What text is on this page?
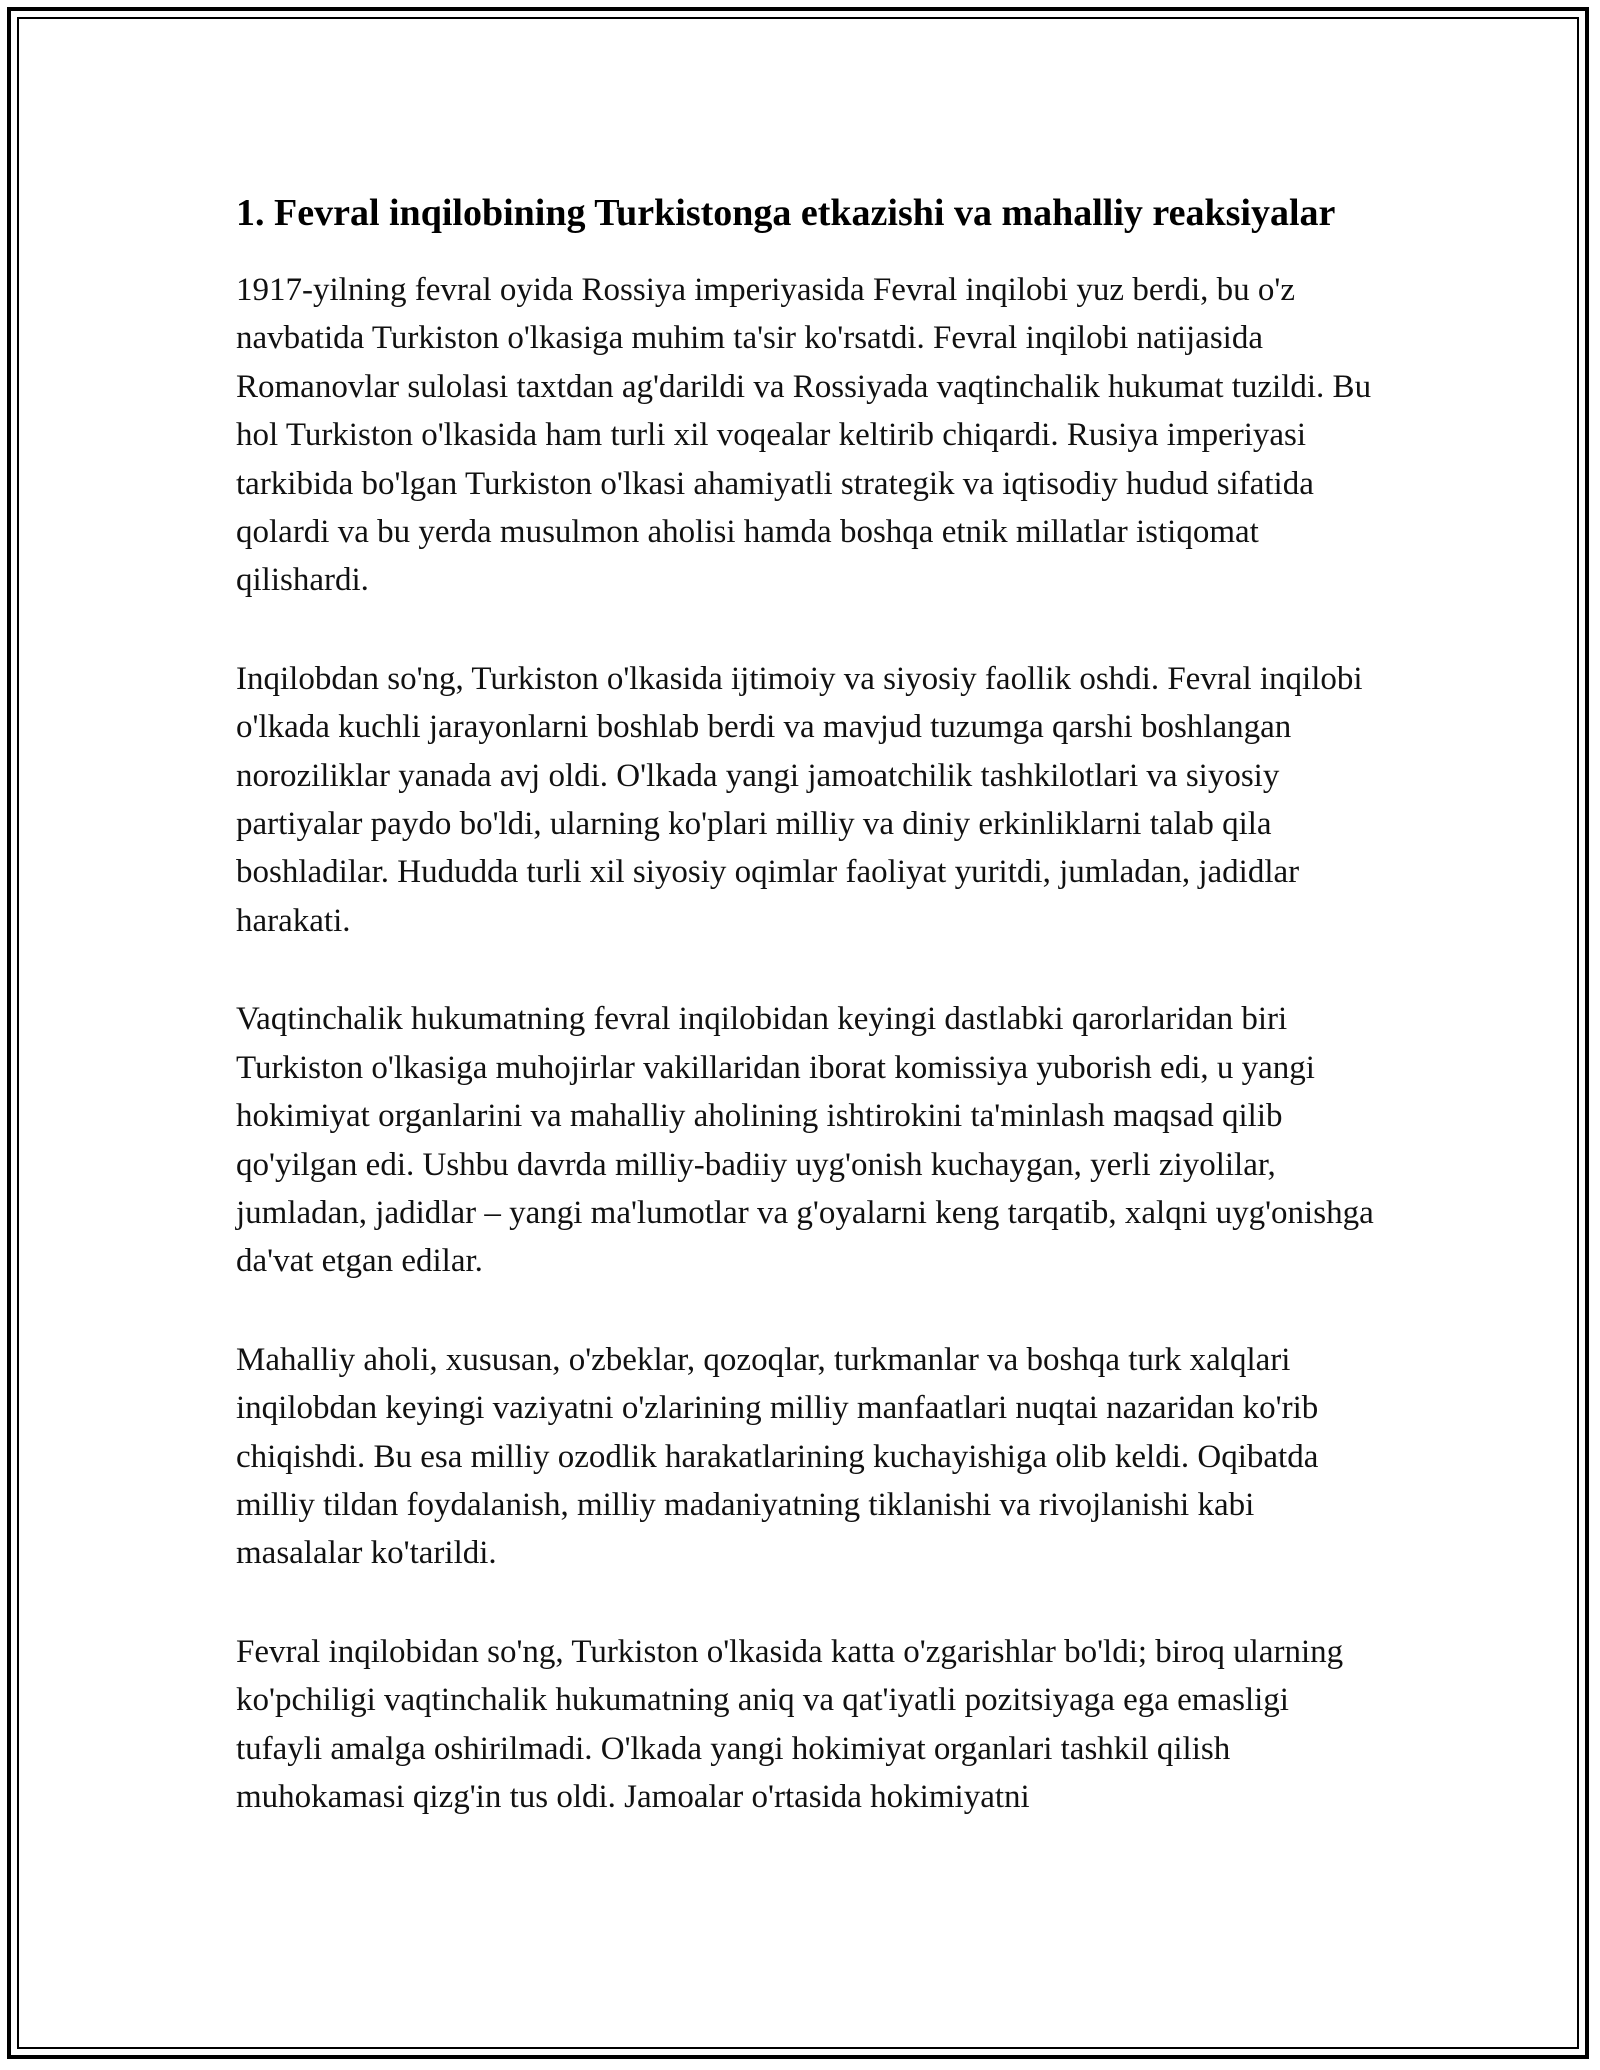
1. Fevral inqilobining Turkistonga etkazishi va mahalliy reaksiyalar

1917-yilning fevral oyida Rossiya imperiyasida Fevral inqilobi yuz berdi, bu o'z navbatida Turkiston o'lkasiga muhim ta'sir ko'rsatdi. Fevral inqilobi natijasida Romanovlar sulolasi taxtdan ag'darildi va Rossiyada vaqtinchalik hukumat tuzildi. Bu hol Turkiston o'lkasida ham turli xil voqealar keltirib chiqardi. Rusiya imperiyasi tarkibida bo'lgan Turkiston o'lkasi ahamiyatli strategik va iqtisodiy hudud sifatida qolardi va bu yerda musulmon aholisi hamda boshqa etnik millatlar istiqomat qilishardi.

Inqilobdan so'ng, Turkiston o'lkasida ijtimoiy va siyosiy faollik oshdi. Fevral inqilobi o'lkada kuchli jarayonlarni boshlab berdi va mavjud tuzumga qarshi boshlangan noroziliklar yanada avj oldi. O'lkada yangi jamoatchilik tashkilotlari va siyosiy partiyalar paydo bo'ldi, ularning ko'plari milliy va diniy erkinliklarni talab qila boshladilar. Hududda turli xil siyosiy oqimlar faoliyat yuritdi, jumladan, jadidlar harakati.

Vaqtinchalik hukumatning fevral inqilobidan keyingi dastlabki qarorlaridan biri Turkiston o'lkasiga muhojirlar vakillaridan iborat komissiya yuborish edi, u yangi hokimiyat organlarini va mahalliy aholining ishtirokini ta'minlash maqsad qilib qo'yilgan edi. Ushbu davrda milliy-badiiy uyg'onish kuchaygan, yerli ziyolilar, jumladan, jadidlar – yangi ma'lumotlar va g'oyalarni keng tarqatib, xalqni uyg'onishga da'vat etgan edilar.

Mahalliy aholi, xususan, o'zbeklar, qozoqlar, turkmanlar va boshqa turk xalqlari inqilobdan keyingi vaziyatni o'zlarining milliy manfaatlari nuqtai nazaridan ko'rib chiqishdi. Bu esa milliy ozodlik harakatlarining kuchayishiga olib keldi. Oqibatda milliy tildan foydalanish, milliy madaniyatning tiklanishi va rivojlanishi kabi masalalar ko'tarildi.

Fevral inqilobidan so'ng, Turkiston o'lkasida katta o'zgarishlar bo'ldi; biroq ularning ko'pchiligi vaqtinchalik hukumatning aniq va qat'iyatli pozitsiyaga ega emasligi tufayli amalga oshirilmadi. O'lkada yangi hokimiyat organlari tashkil qilish muhokamasi qizg'in tus oldi. Jamoalar o'rtasida hokimiyatni
